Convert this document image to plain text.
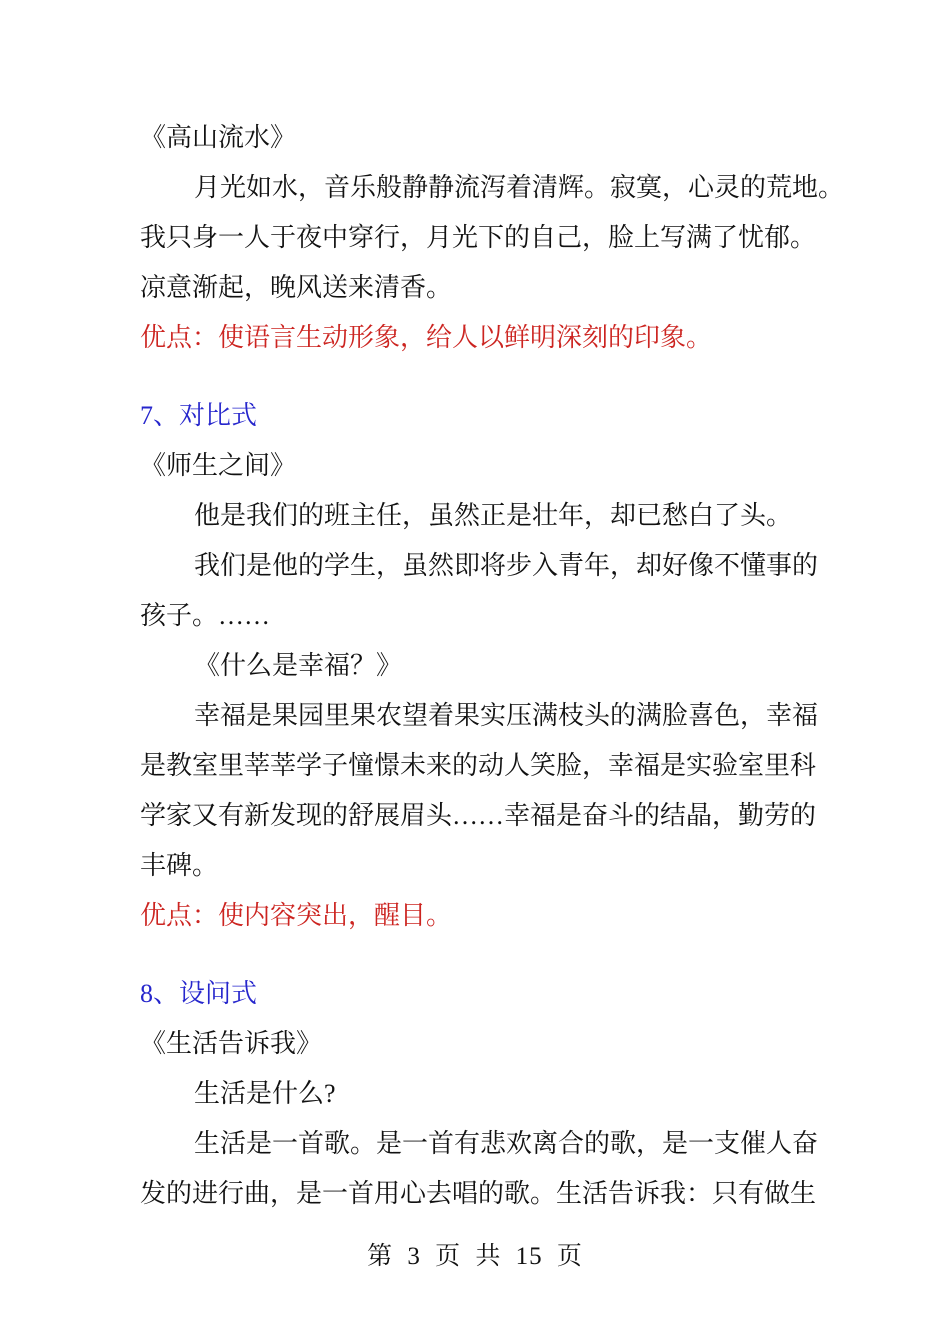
《高山流水》

月光如水，音乐般静静流泻着清辉。寂寞，心灵的荒地。

我只身一人于夜中穿行，月光下的自己，脸上写满了忧郁。

凉意渐起，晚风送来清香。

优点：使语言生动形象，给人以鲜明深刻的印象。

7、对比式

《师生之间》

他是我们的班主任，虽然正是壮年，却已愁白了头。

我们是他的学生，虽然即将步入青年，却好像不懂事的

孩子。……

《什么是幸福？》

幸福是果园里果农望着果实压满枝头的满脸喜色，幸福

是教室里莘莘学子憧憬未来的动人笑脸，幸福是实验室里科

学家又有新发现的舒展眉头……幸福是奋斗的结晶，勤劳的

丰碑。

优点：使内容突出，醒目。

8、设问式

《生活告诉我》

生活是什么?

生活是一首歌。是一首有悲欢离合的歌，是一支催人奋

发的进行曲，是一首用心去唱的歌。生活告诉我：只有做生

第 3 页 共 15 页
